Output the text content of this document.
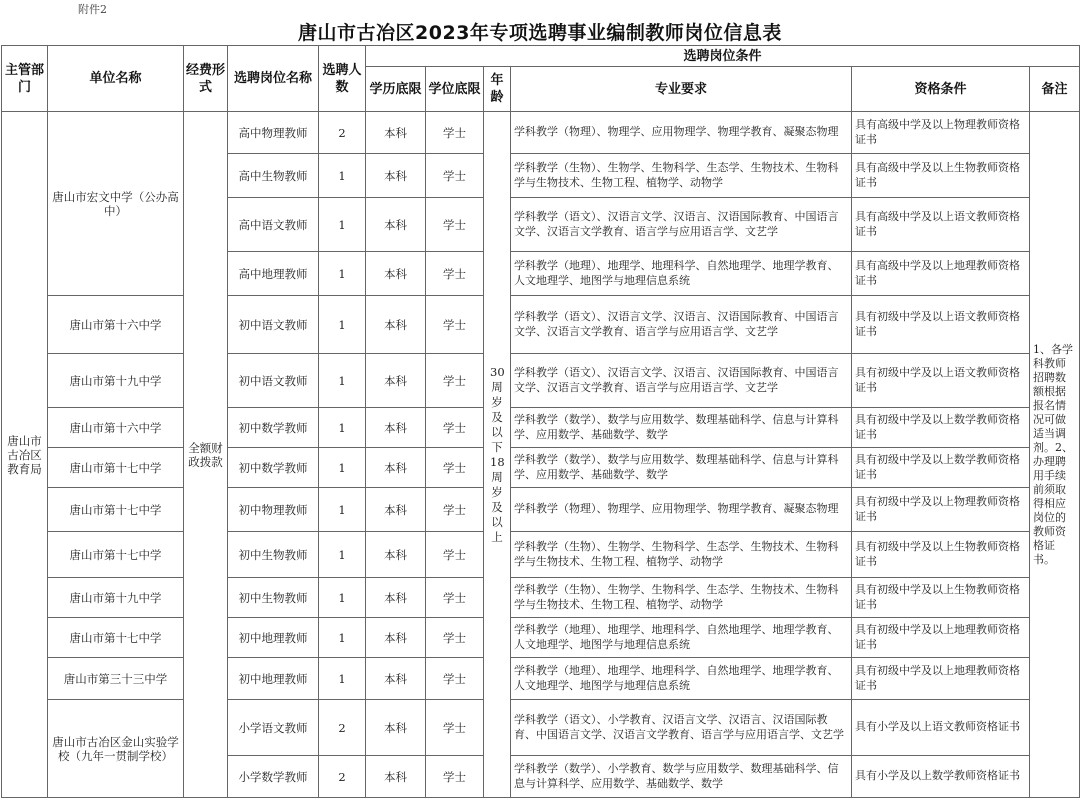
附件2
唐山市古冶区2023年专项选聘事业编制教师岗位信息表
主管部门	单位名称	经费形式	选聘岗位名称	选聘人数	选聘岗位条件					
					学历底限	学位底限	年龄	专业要求	资格条件	备注
唐山市古冶区教育局	唐山市宏文中学（公办高中）	全额财政拨款	高中物理教师	2	本科	学士	30周岁及以下18周岁及以上	学科教学（物理）、物理学、应用物理学、物理学教育、凝聚态物理	具有高级中学及以上物理教师资格证书	1、各学科教师招聘数额根据报名情况可做适当调剂。2、办理聘用手续前须取得相应岗位的教师资格证书。
			高中生物教师	1	本科	学士		学科教学（生物）、生物学、生物科学、生态学、生物技术、生物科学与生物技术、生物工程、植物学、动物学	具有高级中学及以上生物教师资格证书	
			高中语文教师	1	本科	学士		学科教学（语文）、汉语言文学、汉语言、汉语国际教育、中国语言文学、汉语言文学教育、语言学与应用语言学、文艺学	具有高级中学及以上语文教师资格证书	
			高中地理教师	1	本科	学士		学科教学（地理）、地理学、地理科学、自然地理学、地理学教育、人文地理学、地图学与地理信息系统	具有高级中学及以上地理教师资格证书	
	唐山市第十六中学		初中语文教师	1	本科	学士		学科教学（语文）、汉语言文学、汉语言、汉语国际教育、中国语言文学、汉语言文学教育、语言学与应用语言学、文艺学	具有初级中学及以上语文教师资格证书	
	唐山市第十九中学		初中语文教师	1	本科	学士		学科教学（语文）、汉语言文学、汉语言、汉语国际教育、中国语言文学、汉语言文学教育、语言学与应用语言学、文艺学	具有初级中学及以上语文教师资格证书	
	唐山市第十六中学		初中数学教师	1	本科	学士		学科教学（数学）、数学与应用数学、数理基础科学、信息与计算科学、应用数学、基础数学、数学	具有初级中学及以上数学教师资格证书	
	唐山市第十七中学		初中数学教师	1	本科	学士		学科教学（数学）、数学与应用数学、数理基础科学、信息与计算科学、应用数学、基础数学、数学	具有初级中学及以上数学教师资格证书	
	唐山市第十七中学		初中物理教师	1	本科	学士		学科教学（物理）、物理学、应用物理学、物理学教育、凝聚态物理	具有初级中学及以上物理教师资格证书	
	唐山市第十七中学		初中生物教师	1	本科	学士		学科教学（生物）、生物学、生物科学、生态学、生物技术、生物科学与生物技术、生物工程、植物学、动物学	具有初级中学及以上生物教师资格证书	
	唐山市第十九中学		初中生物教师	1	本科	学士		学科教学（生物）、生物学、生物科学、生态学、生物技术、生物科学与生物技术、生物工程、植物学、动物学	具有初级中学及以上生物教师资格证书	
	唐山市第十七中学		初中地理教师	1	本科	学士		学科教学（地理）、地理学、地理科学、自然地理学、地理学教育、人文地理学、地图学与地理信息系统	具有初级中学及以上地理教师资格证书	
	唐山市第三十三中学		初中地理教师	1	本科	学士		学科教学（地理）、地理学、地理科学、自然地理学、地理学教育、人文地理学、地图学与地理信息系统	具有初级中学及以上地理教师资格证书	
	唐山市古冶区金山实验学校（九年一贯制学校）		小学语文教师	2	本科	学士		学科教学（语文）、小学教育、汉语言文学、汉语言、汉语国际教育、中国语言文学、汉语言文学教育、语言学与应用语言学、文艺学	具有小学及以上语文教师资格证书	
			小学数学教师	2	本科	学士		学科教学（数学）、小学教育、数学与应用数学、数理基础科学、信息与计算科学、应用数学、基础数学、数学	具有小学及以上数学教师资格证书	
